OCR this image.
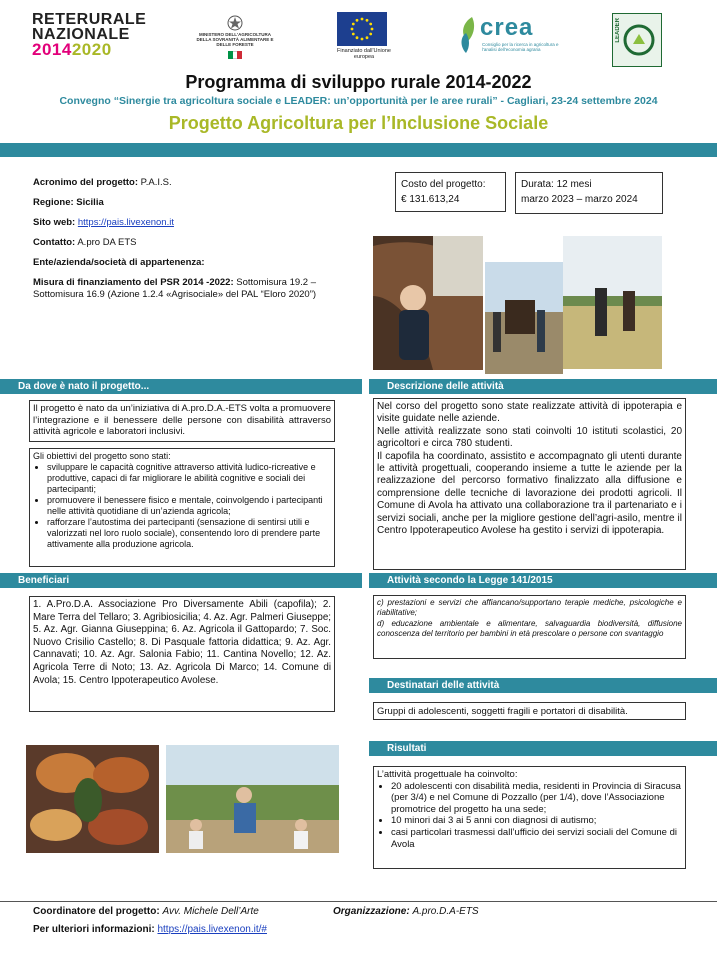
RETERURALE
NAZIONALE
20142020
MINISTERO DELL'AGRICOLTURA DELLA SOVRANITÀ ALIMENTARE E DELLE FORESTE
Finanziato dall'Unione europea
crea
Consiglio per la ricerca in agricoltura e l'analisi dell'economia agraria
LEADER
Programma di sviluppo rurale 2014-2022
Convegno “Sinergie tra agricoltura sociale e LEADER: un’opportunità per le aree rurali” - Cagliari, 23-24 settembre 2024
Progetto Agricoltura per l’Inclusione Sociale
Acronimo del progetto: P.A.I.S.
Regione: Sicilia
Sito web: https://pais.livexenon.it
Contatto: A.pro DA ETS
Ente/azienda/società di appartenenza:
Misura di finanziamento del PSR 2014 -2022: Sottomisura 19.2 – Sottomisura 16.9 (Azione 1.2.4 «Agrisociale» del PAL “Eloro 2020”)
Costo del progetto:
€ 131.613,24
Durata: 12 mesi
marzo 2023 – marzo 2024
Da dove è nato il progetto...
Il progetto è nato da un’iniziativa di A.pro.D.A.-ETS volta a promuovere l’integrazione e il benessere delle persone con disabilità attraverso attività agricole e laboratori inclusivi.
Gli obiettivi del progetto sono stati:
• sviluppare le capacità cognitive attraverso attività ludico-ricreative e produttive, capaci di far migliorare le abilità cognitive e sociali dei partecipanti;
• promuovere il benessere fisico e mentale, coinvolgendo i partecipanti nelle attività quotidiane di un’azienda agricola;
• rafforzare l’autostima dei partecipanti (sensazione di sentirsi utili e valorizzati nel loro ruolo sociale), consentendo loro di prendere parte attivamente alla produzione agricola.
Descrizione delle attività
Nel corso del progetto sono state realizzate attività di ippoterapia e visite guidate nelle aziende.
Nelle attività realizzate sono stati coinvolti 10 istituti scolastici, 20 agricoltori e circa 780 studenti.
Il capofila ha coordinato, assistito e accompagnato gli utenti durante le attività progettuali, cooperando insieme a tutte le aziende per la realizzazione del percorso formativo finalizzato alla diffusione e comprensione delle tecniche di lavorazione dei prodotti agricoli. Il Comune di Avola ha attivato una collaborazione tra il partenariato e i servizi sociali, anche per la migliore gestione dell’agri-asilo, mentre il Centro Ippoterapeutico Avolese ha gestito i servizi di ippoterapia.
Beneficiari
1. A.Pro.D.A. Associazione Pro Diversamente Abili (capofila); 2. Mare Terra del Tellaro; 3. Agribiosicilia; 4. Az. Agr. Palmeri Giuseppe; 5. Az. Agr. Gianna Giuseppina; 6. Az. Agricola il Gattopardo; 7. Soc. Nuovo Crisilio Castello; 8. Di Pasquale fattoria didattica; 9. Az. Agr. Cannavati; 10. Az. Agr. Salonia Fabio; 11. Cantina Novello; 12. Az. Agricola Terre di Noto; 13. Az. Agricola Di Marco; 14. Comune di Avola; 15. Centro Ippoterapeutico Avolese.
Attività secondo la Legge 141/2015
c) prestazioni e servizi che affiancano/supportano terapie mediche, psicologiche e riabilitative;
d) educazione ambientale e alimentare, salvaguardia biodiversità, diffusione conoscenza del territorio per bambini in età prescolare o persone con svantaggio
Destinatari delle attività
Gruppi di adolescenti, soggetti fragili e portatori di disabilità.
Risultati
L’attività progettuale ha coinvolto:
• 20 adolescenti con disabilità media, residenti in Provincia di Siracusa (per 3/4) e nel Comune di Pozzallo (per 1/4), dove l’Associazione promotrice del progetto ha una sede;
• 10 minori dai 3 ai 5 anni con diagnosi di autismo;
• casi particolari trasmessi dall’ufficio dei servizi sociali del Comune di Avola
Coordinatore del progetto: Avv. Michele Dell’Arte	Organizzazione: A.pro.D.A-ETS
Per ulteriori informazioni: https://pais.livexenon.it/#
